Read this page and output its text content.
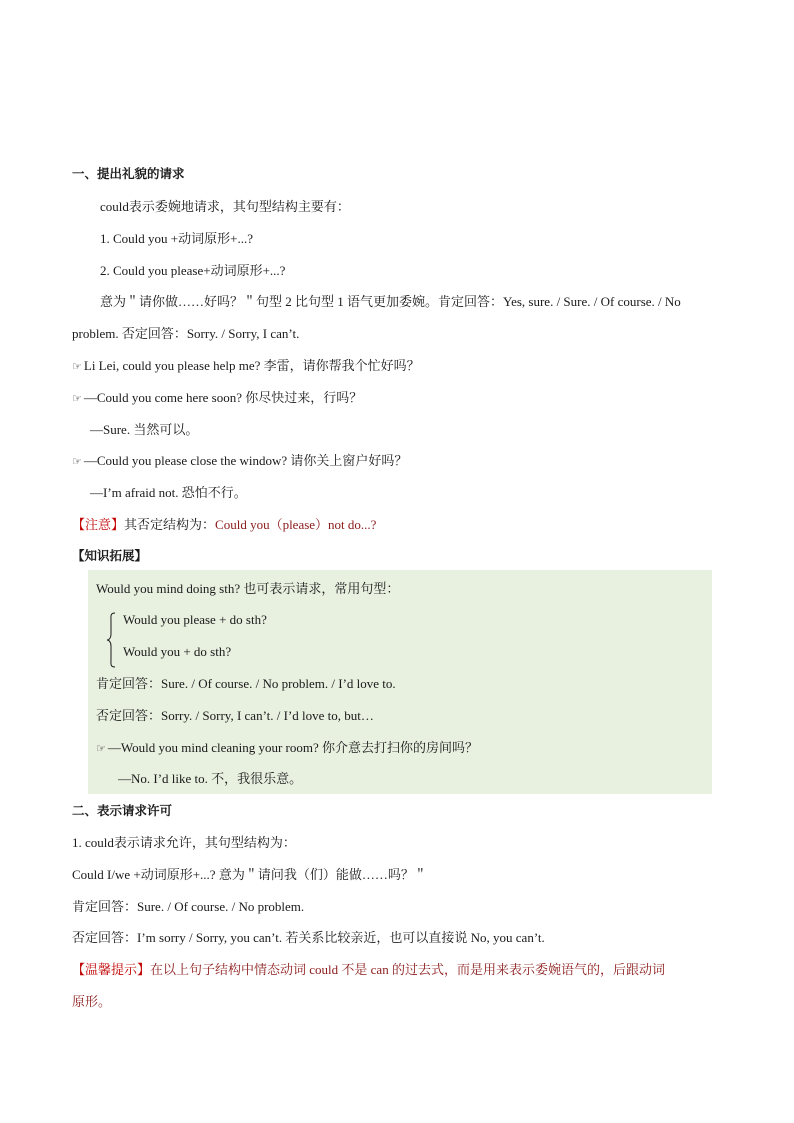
一、提出礼貌的请求
could表示委婉地请求，其句型结构主要有：
1. Could you +动词原形+...?
2. Could you please+动词原形+...?
意为＂请你做……好吗？＂句型 2 比句型 1 语气更加委婉。肯定回答：Yes, sure. / Sure. / Of course. / No
problem. 否定回答：Sorry. / Sorry, I can’t.
☞ Li Lei, could you please help me? 李雷，请你帮我个忙好吗？
☞ —Could you come here soon? 你尽快过来，行吗？
—Sure. 当然可以。
☞ —Could you please close the window? 请你关上窗户好吗？
—I’m afraid not. 恐怕不行。
【注意】其否定结构为：Could you（please）not do...?
【知识拓展】
Would you mind doing sth? 也可表示请求，常用句型：
Would you please + do sth?
Would you + do sth?
肯定回答：Sure. / Of course. / No problem. / I’d love to.
否定回答：Sorry. / Sorry, I can’t. / I’d love to, but…
☞ —Would you mind cleaning your room? 你介意去打扫你的房间吗？
—No. I’d like to. 不，我很乐意。
二、表示请求许可
1. could表示请求允许，其句型结构为：
Could I/we +动词原形+...? 意为＂请问我（们）能做……吗？＂
肯定回答：Sure. / Of course. / No problem.
否定回答：I’m sorry / Sorry, you can’t. 若关系比较亲近，也可以直接说 No, you can’t.
【温馨提示】在以上句子结构中情态动词 could 不是 can 的过去式，而是用来表示委婉语气的，后跟动词
原形。
